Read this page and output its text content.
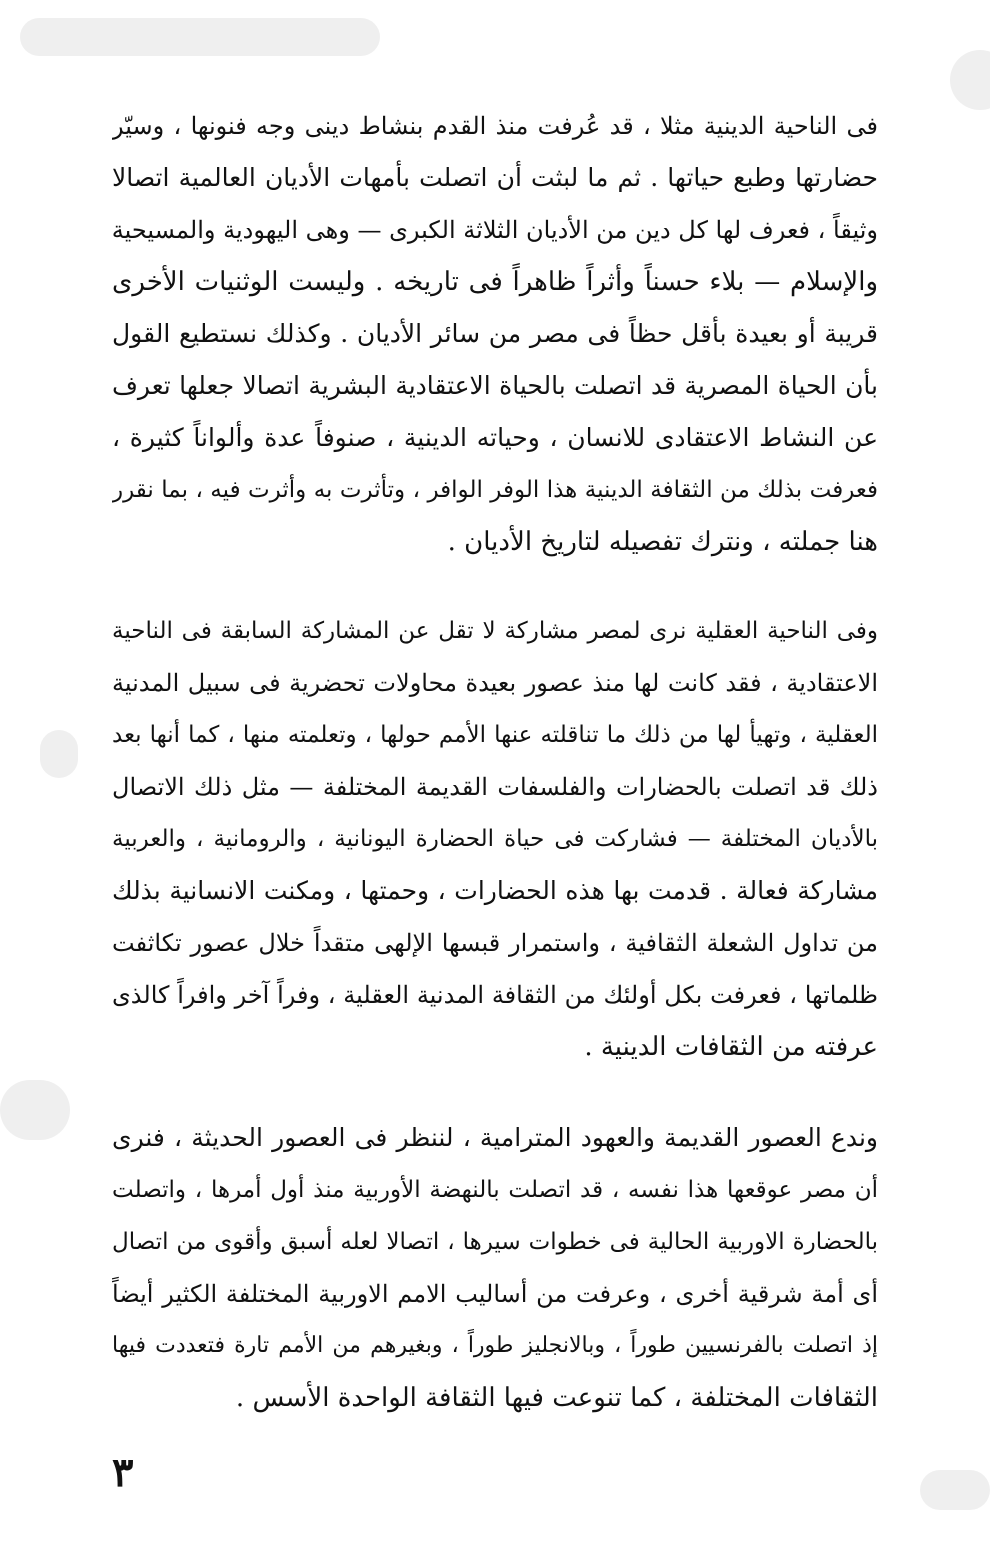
فى الناحية الدينية مثلا ، قد عُرفت منذ القدم بنشاط دينى وجه فنونها ، وسيّر
حضارتها وطبع حياتها . ثم ما لبثت أن اتصلت بأمهات الأديان العالمية اتصالا
وثيقاً ، فعرف لها كل دين من الأديان الثلاثة الكبرى — وهى اليهودية والمسيحية
والإسلام — بلاء حسناً وأثراً ظاهراً فى تاريخه . وليست الوثنيات الأخرى
قريبة أو بعيدة بأقل حظاً فى مصر من سائر الأديان . وكذلك نستطيع القول
بأن الحياة المصرية قد اتصلت بالحياة الاعتقادية البشرية اتصالا جعلها تعرف
عن النشاط الاعتقادى للانسان ، وحياته الدينية ، صنوفاً عدة وألواناً كثيرة ،
فعرفت بذلك من الثقافة الدينية هذا الوفر الوافر ، وتأثرت به وأثرت فيه ، بما نقرر
هنا جملته ، ونترك تفصيله لتاريخ الأديان .
وفى الناحية العقلية نرى لمصر مشاركة لا تقل عن المشاركة السابقة فى الناحية
الاعتقادية ، فقد كانت لها منذ عصور بعيدة محاولات تحضرية فى سبيل المدنية
العقلية ، وتهيأ لها من ذلك ما تناقلته عنها الأمم حولها ، وتعلمته منها ، كما أنها بعد
ذلك قد اتصلت بالحضارات والفلسفات القديمة المختلفة — مثل ذلك الاتصال
بالأديان المختلفة — فشاركت فى حياة الحضارة اليونانية ، والرومانية ، والعربية
مشاركة فعالة . قدمت بها هذه الحضارات ، وحمتها ، ومكنت الانسانية بذلك
من تداول الشعلة الثقافية ، واستمرار قبسها الإلهى متقداً خلال عصور تكاثفت
ظلماتها ، فعرفت بكل أولئك من الثقافة المدنية العقلية ، وفراً آخر وافراً كالذى
عرفته من الثقافات الدينية .
وندع العصور القديمة والعهود المترامية ، لننظر فى العصور الحديثة ، فنرى
أن مصر عوقعها هذا نفسه ، قد اتصلت بالنهضة الأوربية منذ أول أمرها ، واتصلت
بالحضارة الاوربية الحالية فى خطوات سيرها ، اتصالا لعله أسبق وأقوى من اتصال
أى أمة شرقية أخرى ، وعرفت من أساليب الامم الاوربية المختلفة الكثير أيضاً
إذ اتصلت بالفرنسيين طوراً ، وبالانجليز طوراً ، وبغيرهم من الأمم تارة فتعددت فيها
الثقافات المختلفة ، كما تنوعت فيها الثقافة الواحدة الأسس .
٣
